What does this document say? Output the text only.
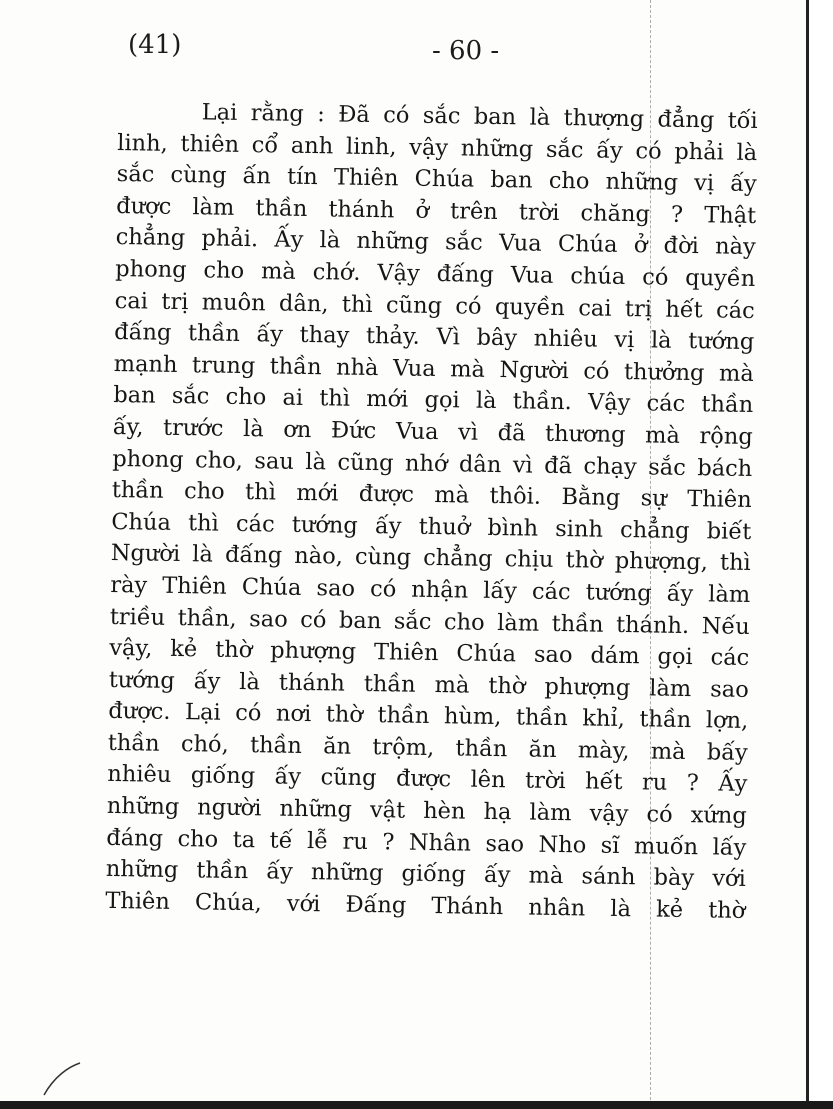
(41)	- 60 -
Lại rằng : Đã có sắc ban là thượng đẳng tối
linh, thiên cổ anh linh, vậy những sắc ấy có phải là
sắc cùng ấn tín Thiên Chúa ban cho những vị ấy
được làm thần thánh ở trên trời chăng ? Thật
chẳng phải. Ấy là những sắc Vua Chúa ở đời này
phong cho mà chớ. Vậy đấng Vua chúa có quyền
cai trị muôn dân, thì cũng có quyền cai trị hết các
đấng thần ấy thay thảy. Vì bây nhiêu vị là tướng
mạnh trung thần nhà Vua mà Người có thưởng mà
ban sắc cho ai thì mới gọi là thần. Vậy các thần
ấy, trước là ơn Đức Vua vì đã thương mà rộng
phong cho, sau là cũng nhớ dân vì đã chạy sắc bách
thần cho thì mới được mà thôi. Bằng sự Thiên
Chúa thì các tướng ấy thuở bình sinh chẳng biết
Người là đấng nào, cùng chẳng chịu thờ phượng, thì
rày Thiên Chúa sao có nhận lấy các tướng ấy làm
triều thần, sao có ban sắc cho làm thần thánh. Nếu
vậy, kẻ thờ phượng Thiên Chúa sao dám gọi các
tướng ấy là thánh thần mà thờ phượng làm sao
được. Lại có nơi thờ thần hùm, thần khỉ, thần lợn,
thần chó, thần ăn trộm, thần ăn mày, mà bấy
nhiêu giống ấy cũng được lên trời hết ru ? Ấy
những người những vật hèn hạ làm vậy có xứng
đáng cho ta tế lễ ru ? Nhân sao Nho sĩ muốn lấy
những thần ấy những giống ấy mà sánh bày với
Thiên Chúa, với Đấng Thánh nhân là kẻ thờ
